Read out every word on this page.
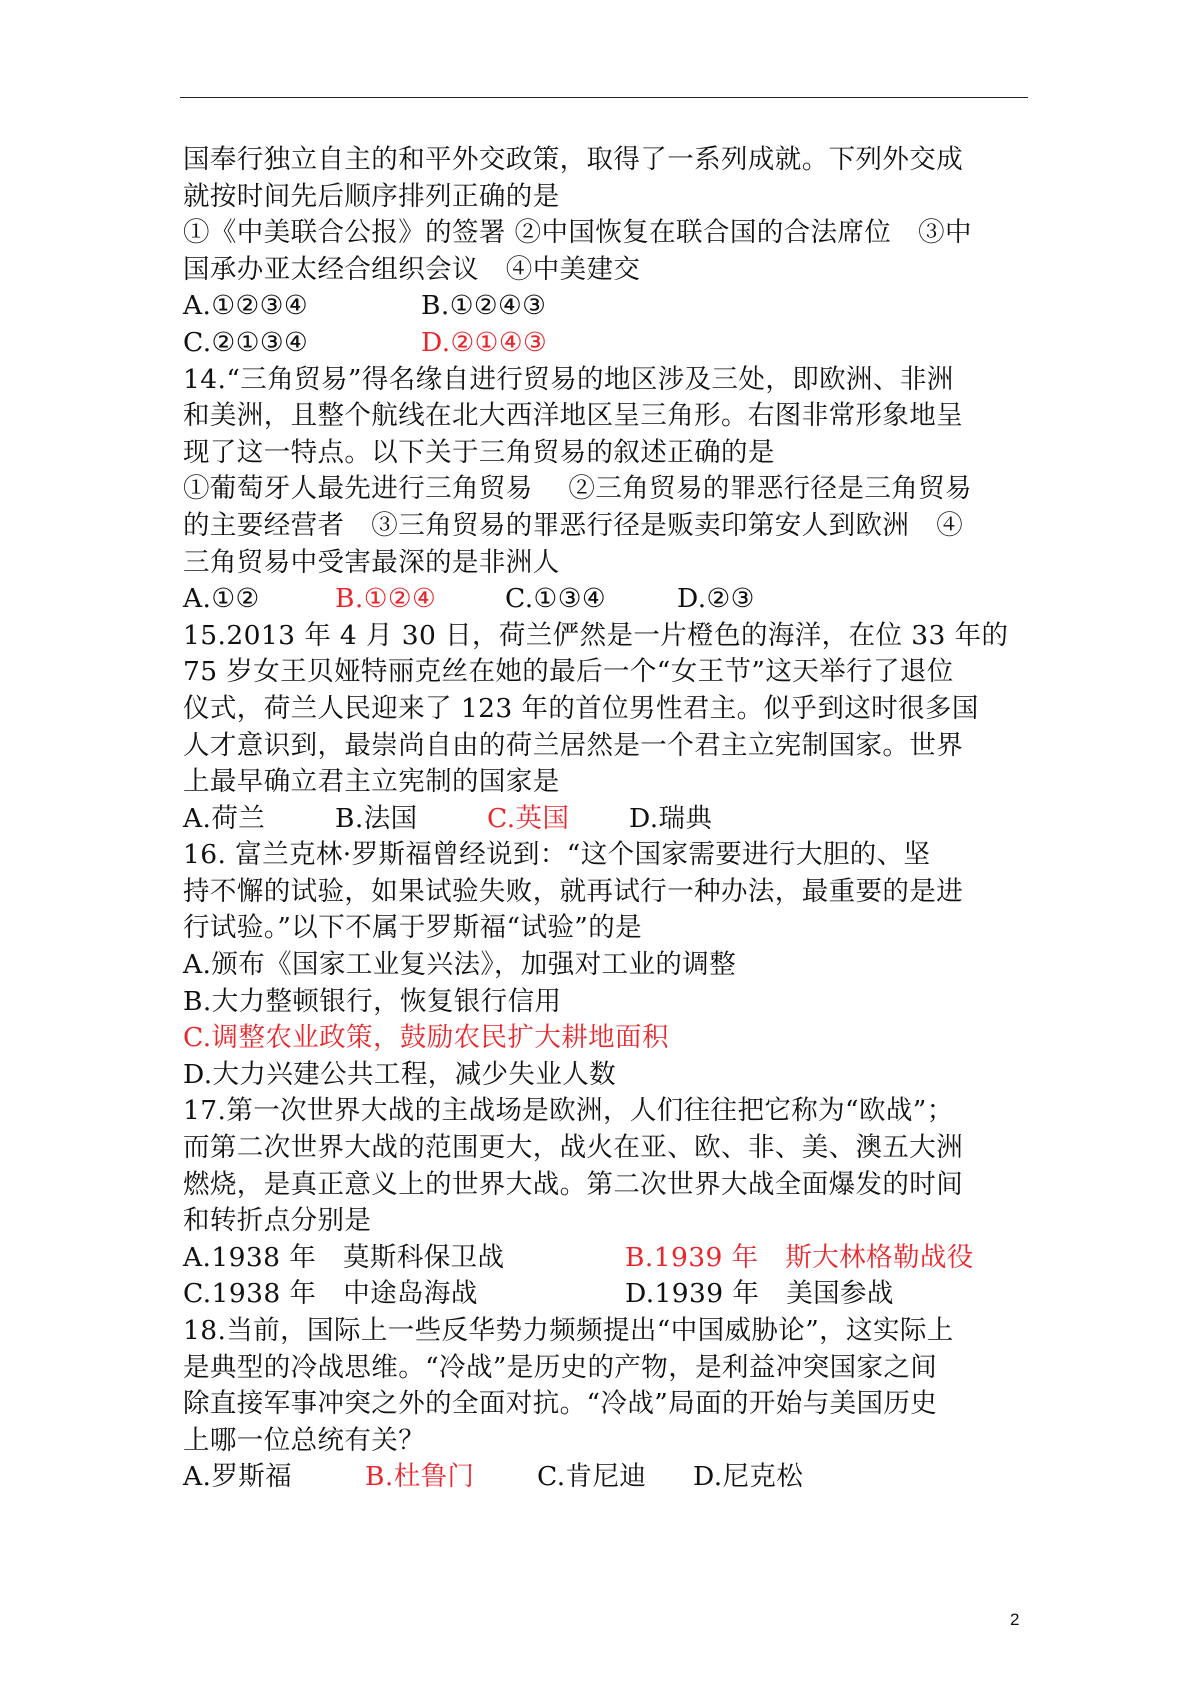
国奉行独立自主的和平外交政策，取得了一系列成就。下列外交成
就按时间先后顺序排列正确的是
①《中美联合公报》的签署 ②中国恢复在联合国的合法席位　③中
国承办亚太经合组织会议　④中美建交
A.①②③④	B.①②④③
C.②①③④	D.②①④③
14.“三角贸易”得名缘自进行贸易的地区涉及三处，即欧洲、非洲
和美洲，且整个航线在北大西洋地区呈三角形。右图非常形象地呈
现了这一特点。以下关于三角贸易的叙述正确的是
①葡萄牙人最先进行三角贸易　 ②三角贸易的罪恶行径是三角贸易
的主要经营者　③三角贸易的罪恶行径是贩卖印第安人到欧洲　④
三角贸易中受害最深的是非洲人
A.①②	B.①②④	C.①③④	D.②③
15.2013 年 4 月 30 日，荷兰俨然是一片橙色的海洋，在位 33 年的
75 岁女王贝娅特丽克丝在她的最后一个“女王节”这天举行了退位
仪式，荷兰人民迎来了 123 年的首位男性君主。似乎到这时很多国
人才意识到，最崇尚自由的荷兰居然是一个君主立宪制国家。世界
上最早确立君主立宪制的国家是
A.荷兰	B.法国	C.英国 D.瑞典
16. 富兰克林·罗斯福曾经说到：“这个国家需要进行大胆的、坚
持不懈的试验，如果试验失败，就再试行一种办法，最重要的是进
行试验。”以下不属于罗斯福“试验”的是
A.颁布《国家工业复兴法》，加强对工业的调整
B.大力整顿银行，恢复银行信用
C.调整农业政策，鼓励农民扩大耕地面积
D.大力兴建公共工程，减少失业人数
17.第一次世界大战的主战场是欧洲，人们往往把它称为“欧战”；
而第二次世界大战的范围更大，战火在亚、欧、非、美、澳五大洲
燃烧，是真正意义上的世界大战。第二次世界大战全面爆发的时间
和转折点分别是
A.1938 年　莫斯科保卫战	B.1939 年　斯大林格勒战役
C.1938 年　中途岛海战	D.1939 年　美国参战
18.当前，国际上一些反华势力频频提出“中国威胁论”，这实际上
是典型的冷战思维。“冷战”是历史的产物，是利益冲突国家之间
除直接军事冲突之外的全面对抗。“冷战”局面的开始与美国历史
上哪一位总统有关？
A.罗斯福	B.杜鲁门 C.肯尼迪 D.尼克松
2
